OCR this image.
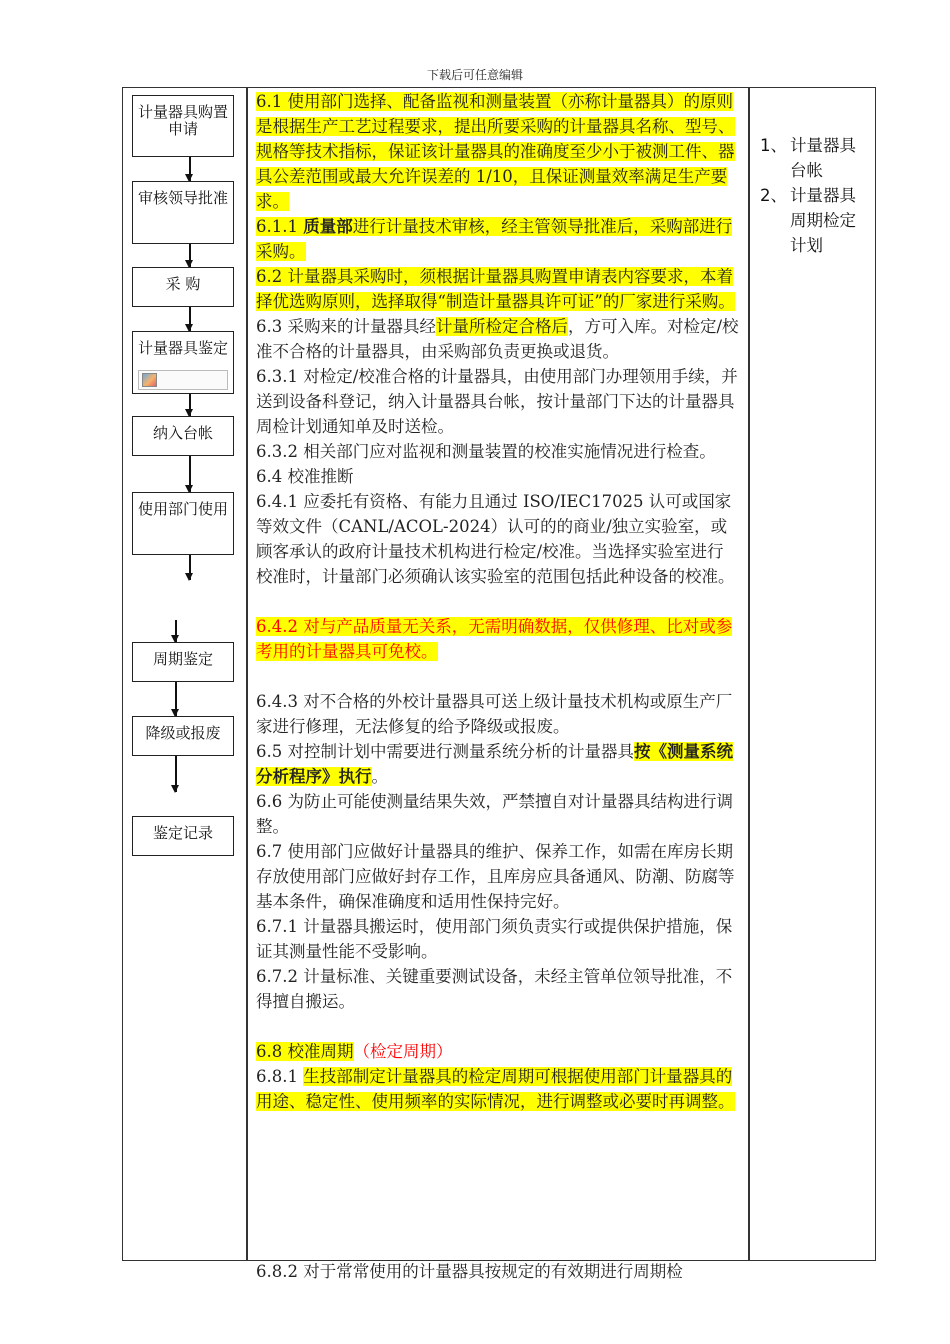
下载后可任意编辑
计量器具购置申请
审核领导批准
采 购
计量器具鉴定
纳入台帐
使用部门使用
周期鉴定
降级或报废
鉴定记录

6.1 使用部门选择、配备监视和测量装置（亦称计量器具）的原则是根据生产工艺过程要求，提出所要采购的计量器具名称、型号、规格等技术指标，保证该计量器具的准确度至少小于被测工件、器具公差范围或最大允许误差的 1/10，且保证测量效率满足生产要求。

6.1.1 质量部进行计量技术审核，经主管领导批准后，采购部进行采购。

6.2 计量器具采购时，须根据计量器具购置申请表内容要求，本着择优选购原则，选择取得“制造计量器具许可证”的厂家进行采购。

6.3 采购来的计量器具经计量所检定合格后，方可入库。对检定/校准不合格的计量器具，由采购部负责更换或退货。

6.3.1 对检定/校准合格的计量器具，由使用部门办理领用手续，并送到设备科登记，纳入计量器具台帐，按计量部门下达的计量器具周检计划通知单及时送检。

6.3.2 相关部门应对监视和测量装置的校准实施情况进行检查。

6.4 校准推断

6.4.1 应委托有资格、有能力且通过 ISO/IEC17025 认可或国家等效文件（CANL/ACOL-2024）认可的的商业/独立实验室，或顾客承认的政府计量技术机构进行检定/校准。当选择实验室进行校准时，计量部门必须确认该实验室的范围包括此种设备的校准。

6.4.2 对与产品质量无关系，无需明确数据，仅供修理、比对或参考用的计量器具可免校。

6.4.3 对不合格的外校计量器具可送上级计量技术机构或原生产厂家进行修理，无法修复的给予降级或报废。

6.5 对控制计划中需要进行测量系统分析的计量器具按《测量系统分析程序》执行。

6.6 为防止可能使测量结果失效，严禁擅自对计量器具结构进行调整。

6.7 使用部门应做好计量器具的维护、保养工作，如需在库房长期存放使用部门应做好封存工作，且库房应具备通风、防潮、防腐等基本条件，确保准确度和适用性保持完好。

6.7.1 计量器具搬运时，使用部门须负责实行或提供保护措施，保证其测量性能不受影响。

6.7.2 计量标准、关键重要测试设备，未经主管单位领导批准，不得擅自搬运。

6.8 校准周期（检定周期）

6.8.1 生技部制定计量器具的检定周期可根据使用部门计量器具的用途、稳定性、使用频率的实际情况，进行调整或必要时再调整。

6.8.2 对于常常使用的计量器具按规定的有效期进行周期检
1、 计量器具台帐
2、 计量器具周期检定计划
